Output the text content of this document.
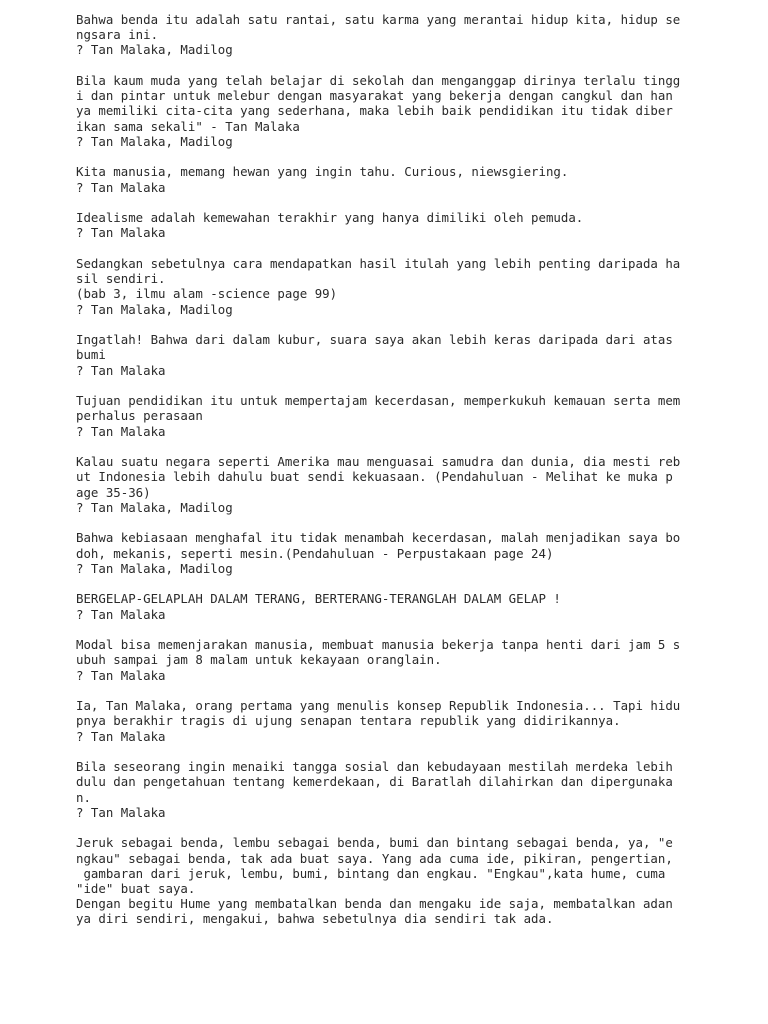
Bahwa benda itu adalah satu rantai, satu karma yang merantai hidup kita, hidup se
ngsara ini.
? Tan Malaka, Madilog
Bila kaum muda yang telah belajar di sekolah dan menganggap dirinya terlalu tingg
i dan pintar untuk melebur dengan masyarakat yang bekerja dengan cangkul dan han
ya memiliki cita-cita yang sederhana, maka lebih baik pendidikan itu tidak diber
ikan sama sekali" - Tan Malaka
? Tan Malaka, Madilog
Kita manusia, memang hewan yang ingin tahu. Curious, niewsgiering.
? Tan Malaka
Idealisme adalah kemewahan terakhir yang hanya dimiliki oleh pemuda.
? Tan Malaka
Sedangkan sebetulnya cara mendapatkan hasil itulah yang lebih penting daripada ha
sil sendiri.
(bab 3, ilmu alam -science page 99)
? Tan Malaka, Madilog
Ingatlah! Bahwa dari dalam kubur, suara saya akan lebih keras daripada dari atas
bumi
? Tan Malaka
Tujuan pendidikan itu untuk mempertajam kecerdasan, memperkukuh kemauan serta mem
perhalus perasaan
? Tan Malaka
Kalau suatu negara seperti Amerika mau menguasai samudra dan dunia, dia mesti reb
ut Indonesia lebih dahulu buat sendi kekuasaan. (Pendahuluan - Melihat ke muka p
age 35-36)
? Tan Malaka, Madilog
Bahwa kebiasaan menghafal itu tidak menambah kecerdasan, malah menjadikan saya bo
doh, mekanis, seperti mesin.(Pendahuluan - Perpustakaan page 24)
? Tan Malaka, Madilog
BERGELAP-GELAPLAH DALAM TERANG, BERTERANG-TERANGLAH DALAM GELAP !
? Tan Malaka
Modal bisa memenjarakan manusia, membuat manusia bekerja tanpa henti dari jam 5 s
ubuh sampai jam 8 malam untuk kekayaan oranglain.
? Tan Malaka
Ia, Tan Malaka, orang pertama yang menulis konsep Republik Indonesia... Tapi hidu
pnya berakhir tragis di ujung senapan tentara republik yang didirikannya.
? Tan Malaka
Bila seseorang ingin menaiki tangga sosial dan kebudayaan mestilah merdeka lebih
dulu dan pengetahuan tentang kemerdekaan, di Baratlah dilahirkan dan dipergunaka
n.
? Tan Malaka
Jeruk sebagai benda, lembu sebagai benda, bumi dan bintang sebagai benda, ya, "e
ngkau" sebagai benda, tak ada buat saya. Yang ada cuma ide, pikiran, pengertian,
gambaran dari jeruk, lembu, bumi, bintang dan engkau. "Engkau",kata hume, cuma
"ide" buat saya.
Dengan begitu Hume yang membatalkan benda dan mengaku ide saja, membatalkan adan
ya diri sendiri, mengakui, bahwa sebetulnya dia sendiri tak ada.
